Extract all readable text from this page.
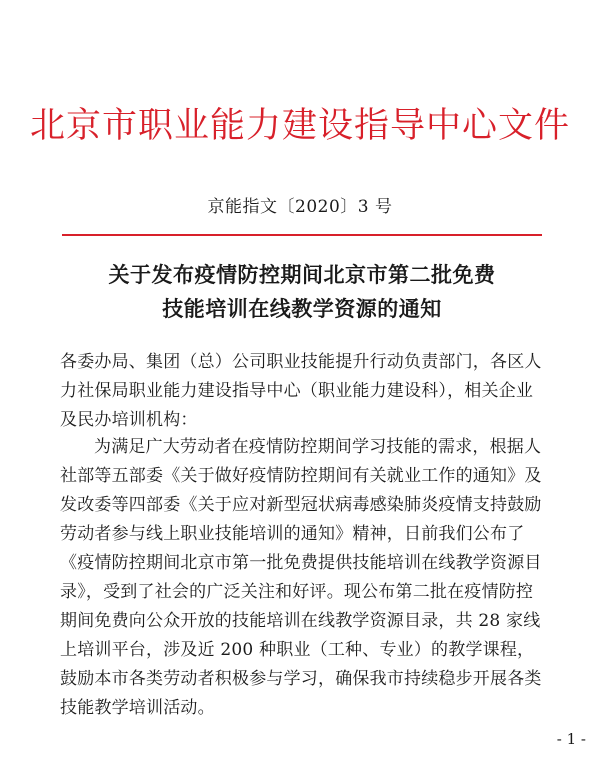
北京市职业能力建设指导中心文件
京能指文〔2020〕3 号
关于发布疫情防控期间北京市第二批免费
技能培训在线教学资源的通知

各委办局、集团（总）公司职业技能提升行动负责部门，各区人力社保局职业能力建设指导中心（职业能力建设科），相关企业及民办培训机构：

为满足广大劳动者在疫情防控期间学习技能的需求，根据人社部等五部委《关于做好疫情防控期间有关就业工作的通知》及发改委等四部委《关于应对新型冠状病毒感染肺炎疫情支持鼓励劳动者参与线上职业技能培训的通知》精神，日前我们公布了《疫情防控期间北京市第一批免费提供技能培训在线教学资源目录》，受到了社会的广泛关注和好评。现公布第二批在疫情防控期间免费向公众开放的技能培训在线教学资源目录，共 28 家线上培训平台，涉及近 200 种职业（工种、专业）的教学课程，鼓励本市各类劳动者积极参与学习，确保我市持续稳步开展各类技能教学培训活动。

- 1 -
